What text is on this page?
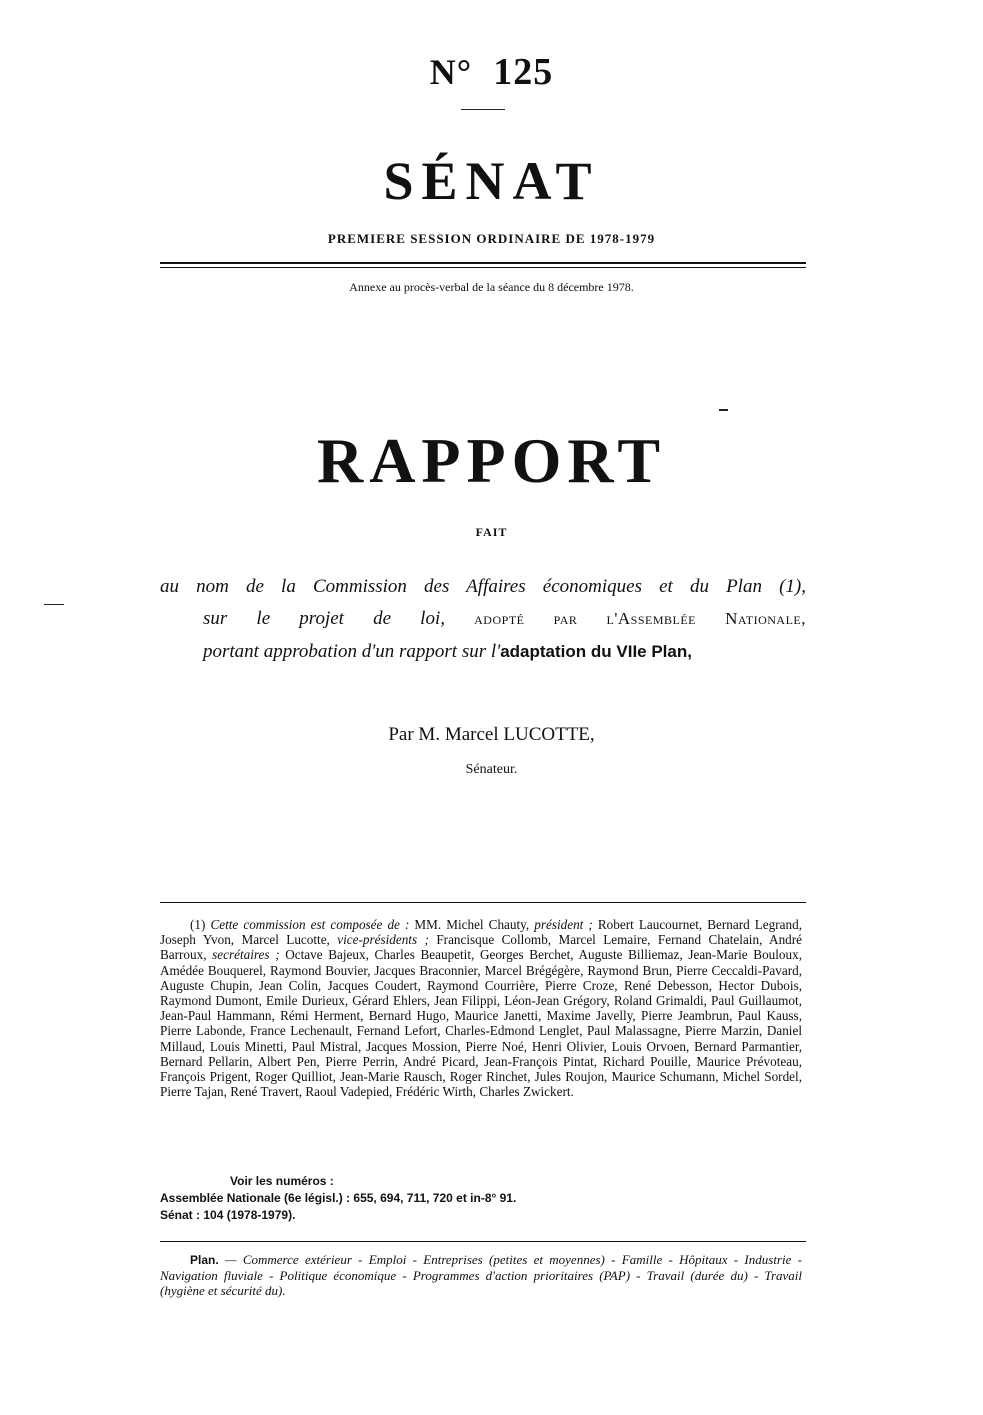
N° 125
SÉNAT
PREMIERE SESSION ORDINAIRE DE 1978-1979
Annexe au procès-verbal de la séance du 8 décembre 1978.
RAPPORT
FAIT
au nom de la Commission des Affaires économiques et du Plan (1),
sur le projet de loi, adopté par l'Assemblée Nationale,
portant approbation d'un rapport sur l'adaptation du VIIe Plan,
Par M. Marcel LUCOTTE,
Sénateur.
(1) Cette commission est composée de : MM. Michel Chauty, président ; Robert Laucournet, Bernard Legrand, Joseph Yvon, Marcel Lucotte, vice-présidents ; Francisque Collomb, Marcel Lemaire, Fernand Chatelain, André Barroux, secrétaires ; Octave Bajeux, Charles Beaupetit, Georges Berchet, Auguste Billiemaz, Jean-Marie Bouloux, Amédée Bouquerel, Raymond Bouvier, Jacques Braconnier, Marcel Brégégère, Raymond Brun, Pierre Ceccaldi-Pavard, Auguste Chupin, Jean Colin, Jacques Coudert, Raymond Courrière, Pierre Croze, René Debesson, Hector Dubois, Raymond Dumont, Emile Durieux, Gérard Ehlers, Jean Filippi, Léon-Jean Grégory, Roland Grimaldi, Paul Guillaumot, Jean-Paul Hammann, Rémi Herment, Bernard Hugo, Maurice Janetti, Maxime Javelly, Pierre Jeambrun, Paul Kauss, Pierre Labonde, France Lechenault, Fernand Lefort, Charles-Edmond Lenglet, Paul Malassagne, Pierre Marzin, Daniel Millaud, Louis Minetti, Paul Mistral, Jacques Mossion, Pierre Noé, Henri Olivier, Louis Orvoen, Bernard Parmantier, Bernard Pellarin, Albert Pen, Pierre Perrin, André Picard, Jean-François Pintat, Richard Pouille, Maurice Prévoteau, François Prigent, Roger Quilliot, Jean-Marie Rausch, Roger Rinchet, Jules Roujon, Maurice Schumann, Michel Sordel, Pierre Tajan, René Travert, Raoul Vadepied, Frédéric Wirth, Charles Zwickert.
Voir les numéros :
Assemblée Nationale (6e législ.) : 655, 694, 711, 720 et in-8° 91.
Sénat : 104 (1978-1979).
Plan. — Commerce extérieur - Emploi - Entreprises (petites et moyennes) - Famille - Hôpitaux - Industrie - Navigation fluviale - Politique économique - Programmes d'action prioritaires (PAP) - Travail (durée du) - Travail (hygiène et sécurité du).
